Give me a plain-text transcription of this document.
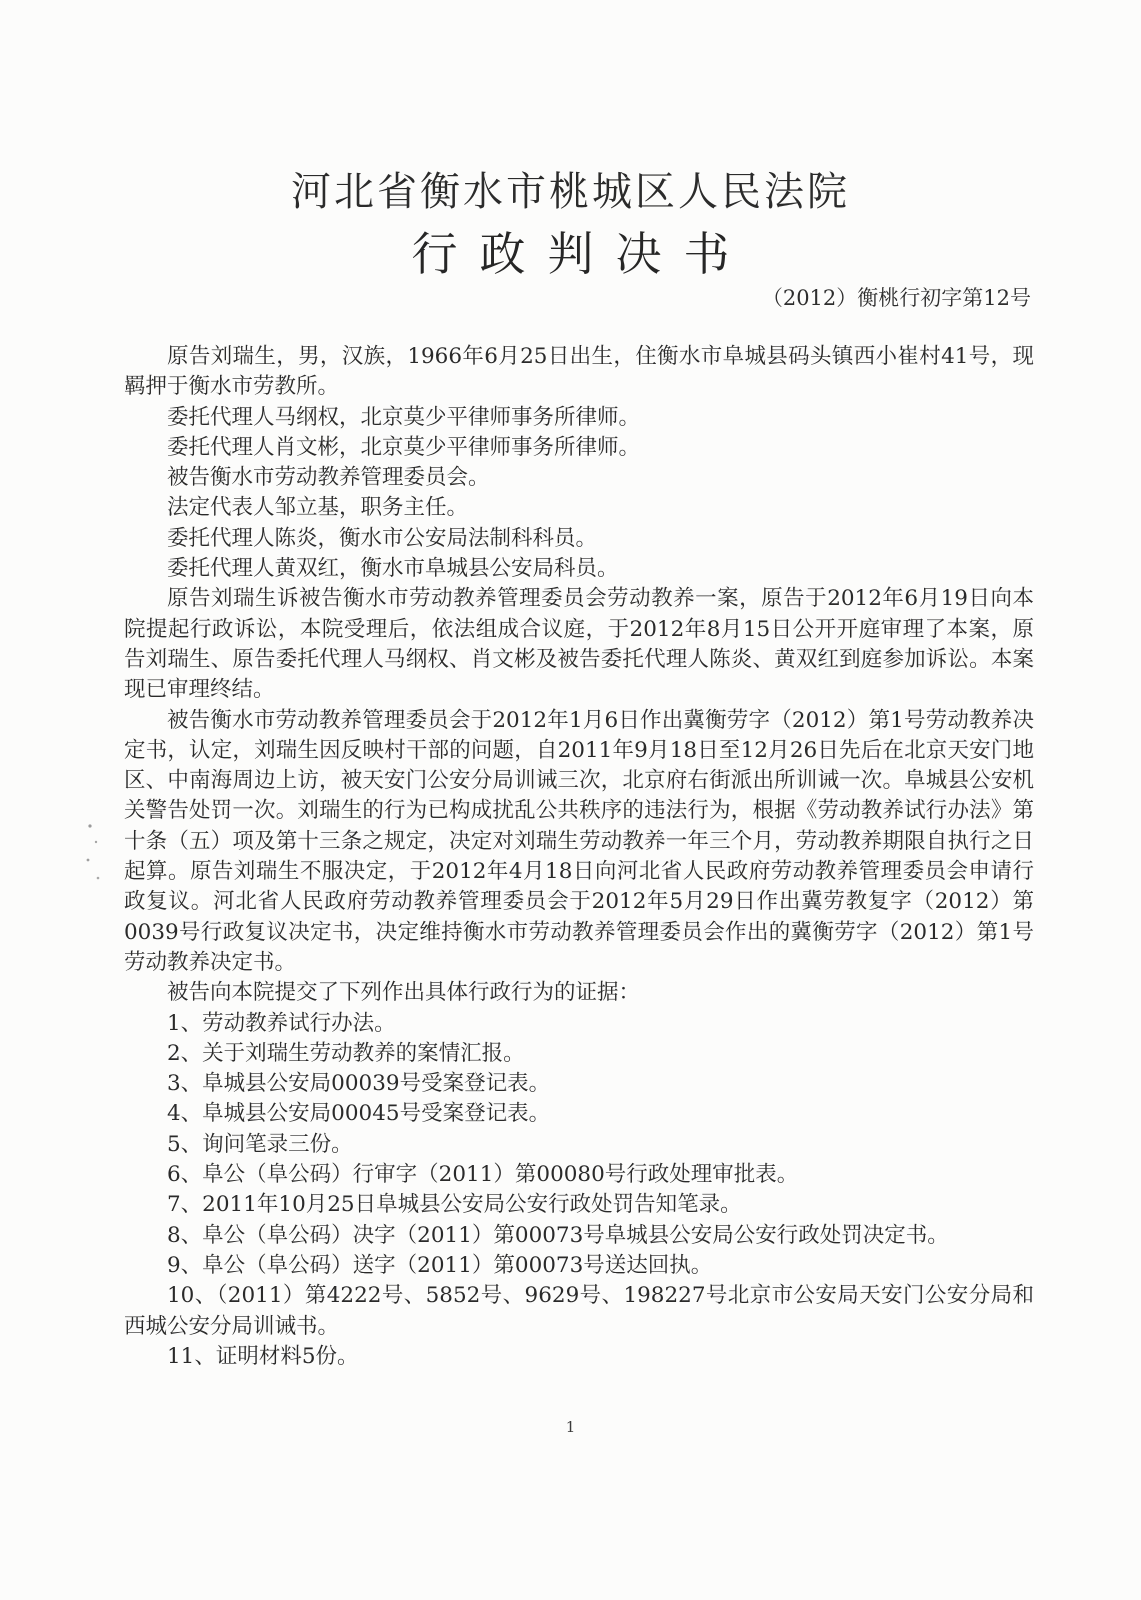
河北省衡水市桃城区人民法院
行政判决书
（2012）衡桃行初字第12号

原告刘瑞生，男，汉族，1966年6月25日出生，住衡水市阜城县码头镇西小崔村41号，现羁押于衡水市劳教所。

委托代理人马纲权，北京莫少平律师事务所律师。

委托代理人肖文彬，北京莫少平律师事务所律师。

被告衡水市劳动教养管理委员会。

法定代表人邹立基，职务主任。

委托代理人陈炎，衡水市公安局法制科科员。

委托代理人黄双红，衡水市阜城县公安局科员。

原告刘瑞生诉被告衡水市劳动教养管理委员会劳动教养一案，原告于2012年6月19日向本院提起行政诉讼，本院受理后，依法组成合议庭，于2012年8月15日公开开庭审理了本案，原告刘瑞生、原告委托代理人马纲权、肖文彬及被告委托代理人陈炎、黄双红到庭参加诉讼。本案现已审理终结。

被告衡水市劳动教养管理委员会于2012年1月6日作出冀衡劳字（2012）第1号劳动教养决定书，认定，刘瑞生因反映村干部的问题，自2011年9月18日至12月26日先后在北京天安门地区、中南海周边上访，被天安门公安分局训诫三次，北京府右街派出所训诫一次。阜城县公安机关警告处罚一次。刘瑞生的行为已构成扰乱公共秩序的违法行为，根据《劳动教养试行办法》第十条（五）项及第十三条之规定，决定对刘瑞生劳动教养一年三个月，劳动教养期限自执行之日起算。原告刘瑞生不服决定，于2012年4月18日向河北省人民政府劳动教养管理委员会申请行政复议。河北省人民政府劳动教养管理委员会于2012年5月29日作出冀劳教复字（2012）第0039号行政复议决定书，决定维持衡水市劳动教养管理委员会作出的冀衡劳字（2012）第1号劳动教养决定书。

被告向本院提交了下列作出具体行政行为的证据：

1、劳动教养试行办法。

2、关于刘瑞生劳动教养的案情汇报。

3、阜城县公安局00039号受案登记表。

4、阜城县公安局00045号受案登记表。

5、询问笔录三份。

6、阜公（阜公码）行审字（2011）第00080号行政处理审批表。

7、2011年10月25日阜城县公安局公安行政处罚告知笔录。

8、阜公（阜公码）决字（2011）第00073号阜城县公安局公安行政处罚决定书。

9、阜公（阜公码）送字（2011）第00073号送达回执。

10、（2011）第4222号、5852号、9629号、198227号北京市公安局天安门公安分局和西城公安分局训诫书。

11、证明材料5份。

1
